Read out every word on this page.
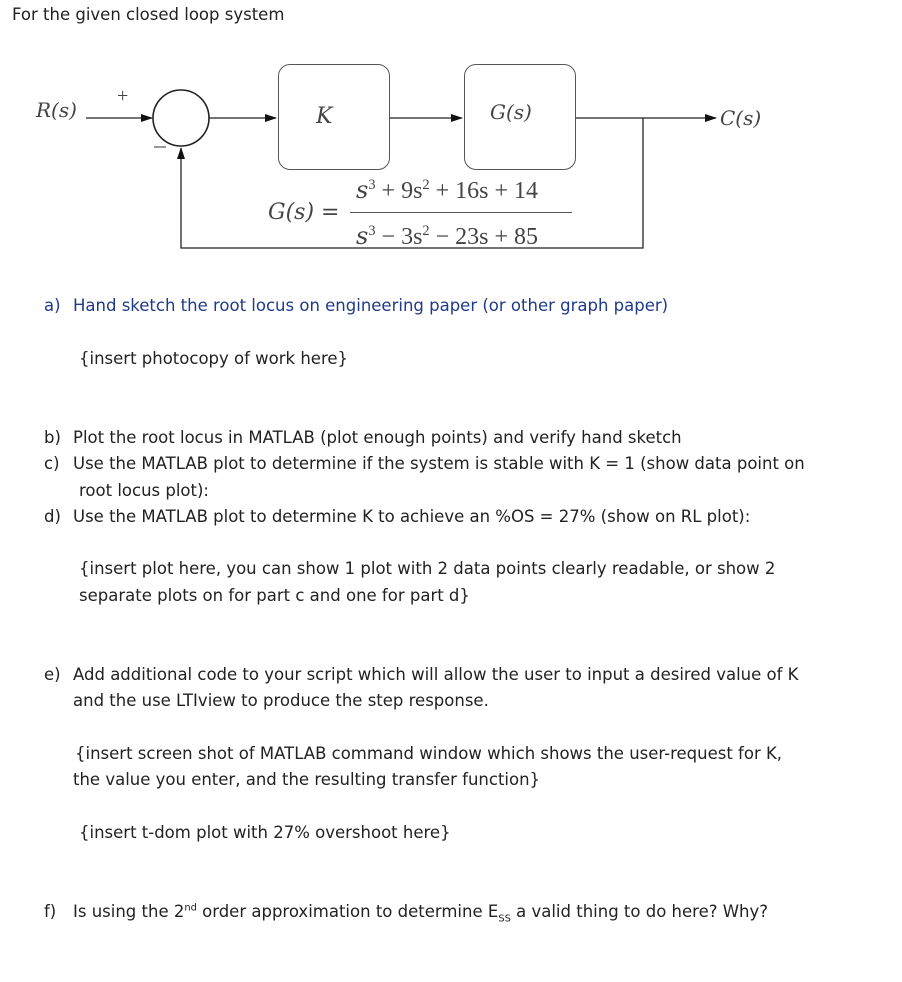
For the given closed loop system
R(s)
+
K	G(s)	C(s)
G(s) =
$s^3 + 9s^2 + 16s + 14$
$s^3 - 3s^2 - 23s + 85$
a) Hand sketch the root locus on engineering paper (or other graph paper)
{insert photocopy of work here}
b) Plot the root locus in MATLAB (plot enough points) and verify hand sketch
c) Use the MATLAB plot to determine if the system is stable with K = 1 (show data point on
root locus plot):
d) Use the MATLAB plot to determine K to achieve an %OS = 27% (show on RL plot):
{insert plot here, you can show 1 plot with 2 data points clearly readable, or show 2
separate plots on for part c and one for part d}
e) Add additional code to your script which will allow the user to input a desired value of K
and the use LTIview to produce the step response.
{insert screen shot of MATLAB command window which shows the user-request for K,
the value you enter, and the resulting transfer function}
{insert t-dom plot with 27% overshoot here}
f) Is using the 2nd order approximation to determine $E_{SS}$ a valid thing to do here? Why?
